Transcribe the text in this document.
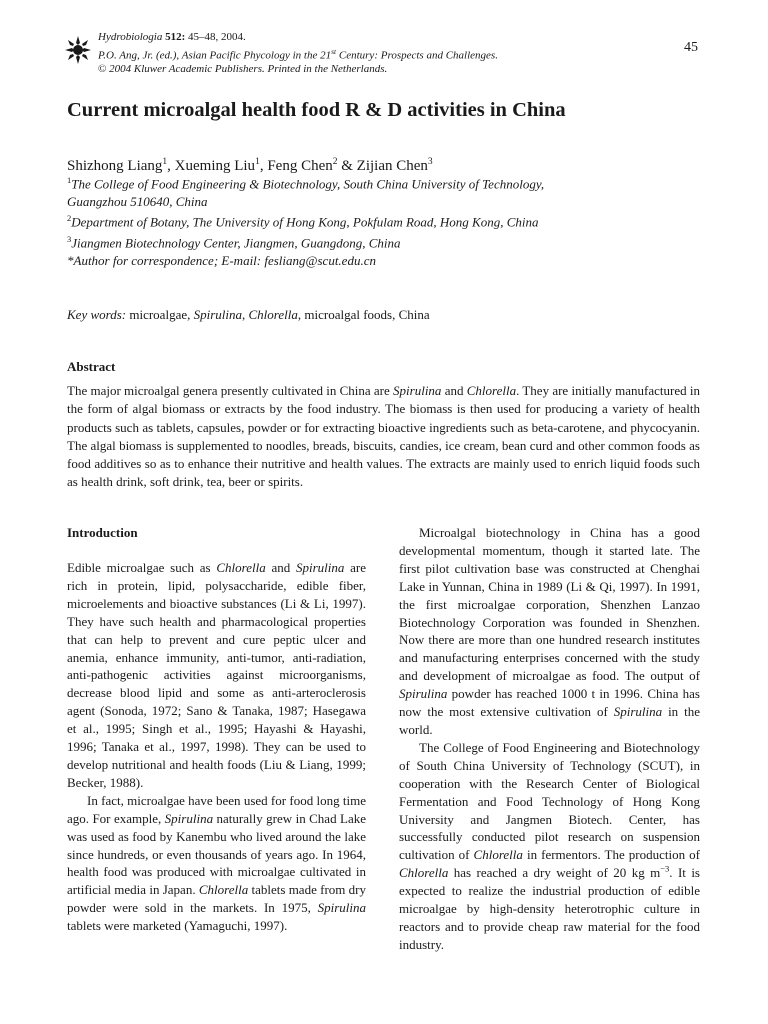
Hydrobiologia 512: 45–48, 2004.
P.O. Ang, Jr. (ed.), Asian Pacific Phycology in the 21st Century: Prospects and Challenges.
© 2004 Kluwer Academic Publishers. Printed in the Netherlands.
45
Current microalgal health food R & D activities in China
Shizhong Liang$^1$, Xueming Liu$^1$, Feng Chen$^2$ & Zijian Chen$^3$
$^1$The College of Food Engineering & Biotechnology, South China University of Technology,
Guangzhou 510640, China
$^2$Department of Botany, The University of Hong Kong, Pokfulam Road, Hong Kong, China
$^3$Jiangmen Biotechnology Center, Jiangmen, Guangdong, China
*Author for correspondence; E-mail: fesliang@scut.edu.cn
Key words: microalgae, Spirulina, Chlorella, microalgal foods, China
Abstract
The major microalgal genera presently cultivated in China are Spirulina and Chlorella. They are initially manufactured in the form of algal biomass or extracts by the food industry. The biomass is then used for producing a variety of health products such as tablets, capsules, powder or for extracting bioactive ingredients such as beta-carotene, and phycocyanin. The algal biomass is supplemented to noodles, breads, biscuits, candies, ice cream, bean curd and other common foods as food additives so as to enhance their nutritive and health values. The extracts are mainly used to enrich liquid foods such as health drink, soft drink, tea, beer or spirits.
Introduction

Edible microalgae such as Chlorella and Spirulina are rich in protein, lipid, polysaccharide, edible fiber, microelements and bioactive substances (Li & Li, 1997). They have such health and pharmacological properties that can help to prevent and cure peptic ulcer and anemia, enhance immunity, anti-tumor, anti-radiation, anti-pathogenic activities against microorganisms, decrease blood lipid and some as anti-arteroclerosis agent (Sonoda, 1972; Sano & Tanaka, 1987; Hasegawa et al., 1995; Singh et al., 1995; Hayashi & Hayashi, 1996; Tanaka et al., 1997, 1998). They can be used to develop nutritional and health foods (Liu & Liang, 1999; Becker, 1988).

In fact, microalgae have been used for food long time ago. For example, Spirulina naturally grew in Chad Lake was used as food by Kanembu who lived around the lake since hundreds, or even thousands of years ago. In 1964, health food was produced with microalgae cultivated in artificial media in Japan. Chlorella tablets made from dry powder were sold in the markets. In 1975, Spirulina tablets were marketed (Yamaguchi, 1997).

Microalgal biotechnology in China has a good developmental momentum, though it started late. The first pilot cultivation base was constructed at Chenghai Lake in Yunnan, China in 1989 (Li & Qi, 1997). In 1991, the first microalgae corporation, Shenzhen Lanzao Biotechnology Corporation was founded in Shenzhen. Now there are more than one hundred research institutes and manufacturing enterprises concerned with the study and development of microalgae as food. The output of Spirulina powder has reached 1000 t in 1996. China has now the most extensive cultivation of Spirulina in the world.

The College of Food Engineering and Biotechnology of South China University of Technology (SCUT), in cooperation with the Research Center of Biological Fermentation and Food Technology of Hong Kong University and Jangmen Biotech. Center, has successfully conducted pilot research on suspension cultivation of Chlorella in fermentors. The production of Chlorella has reached a dry weight of 20 kg $m^{-3}$. It is expected to realize the industrial production of edible microalgae by high-density heterotrophic culture in reactors and to provide cheap raw material for the food industry.
